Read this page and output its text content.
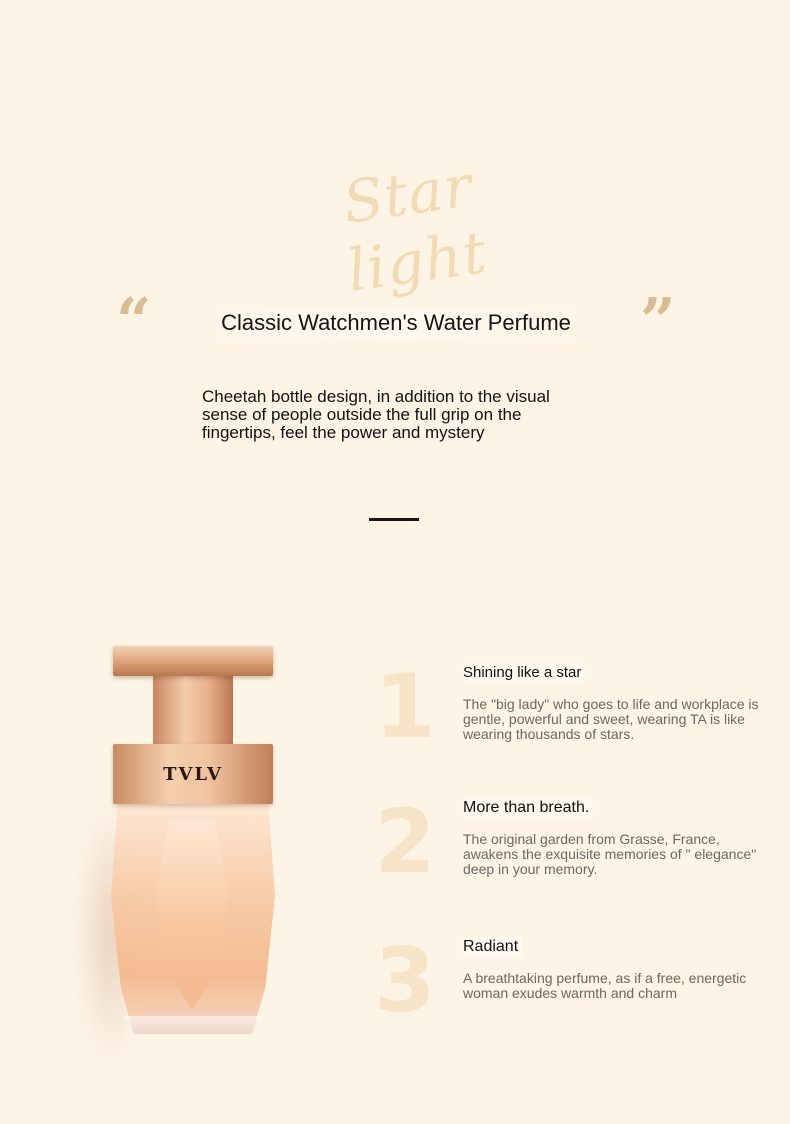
Star light
“	”
Classic Watchmen's Water Perfume
Cheetah bottle design, in addition to the visual sense of people outside the full grip on the fingertips, feel the power and mystery
TVLV
1 Shining like a star
The "big lady" who goes to life and workplace is gentle, powerful and sweet, wearing TA is like wearing thousands of stars.
2 More than breath.
The original garden from Grasse, France, awakens the exquisite memories of " elegance" deep in your memory.
3 Radiant
A breathtaking perfume, as if a free, energetic woman exudes warmth and charm
